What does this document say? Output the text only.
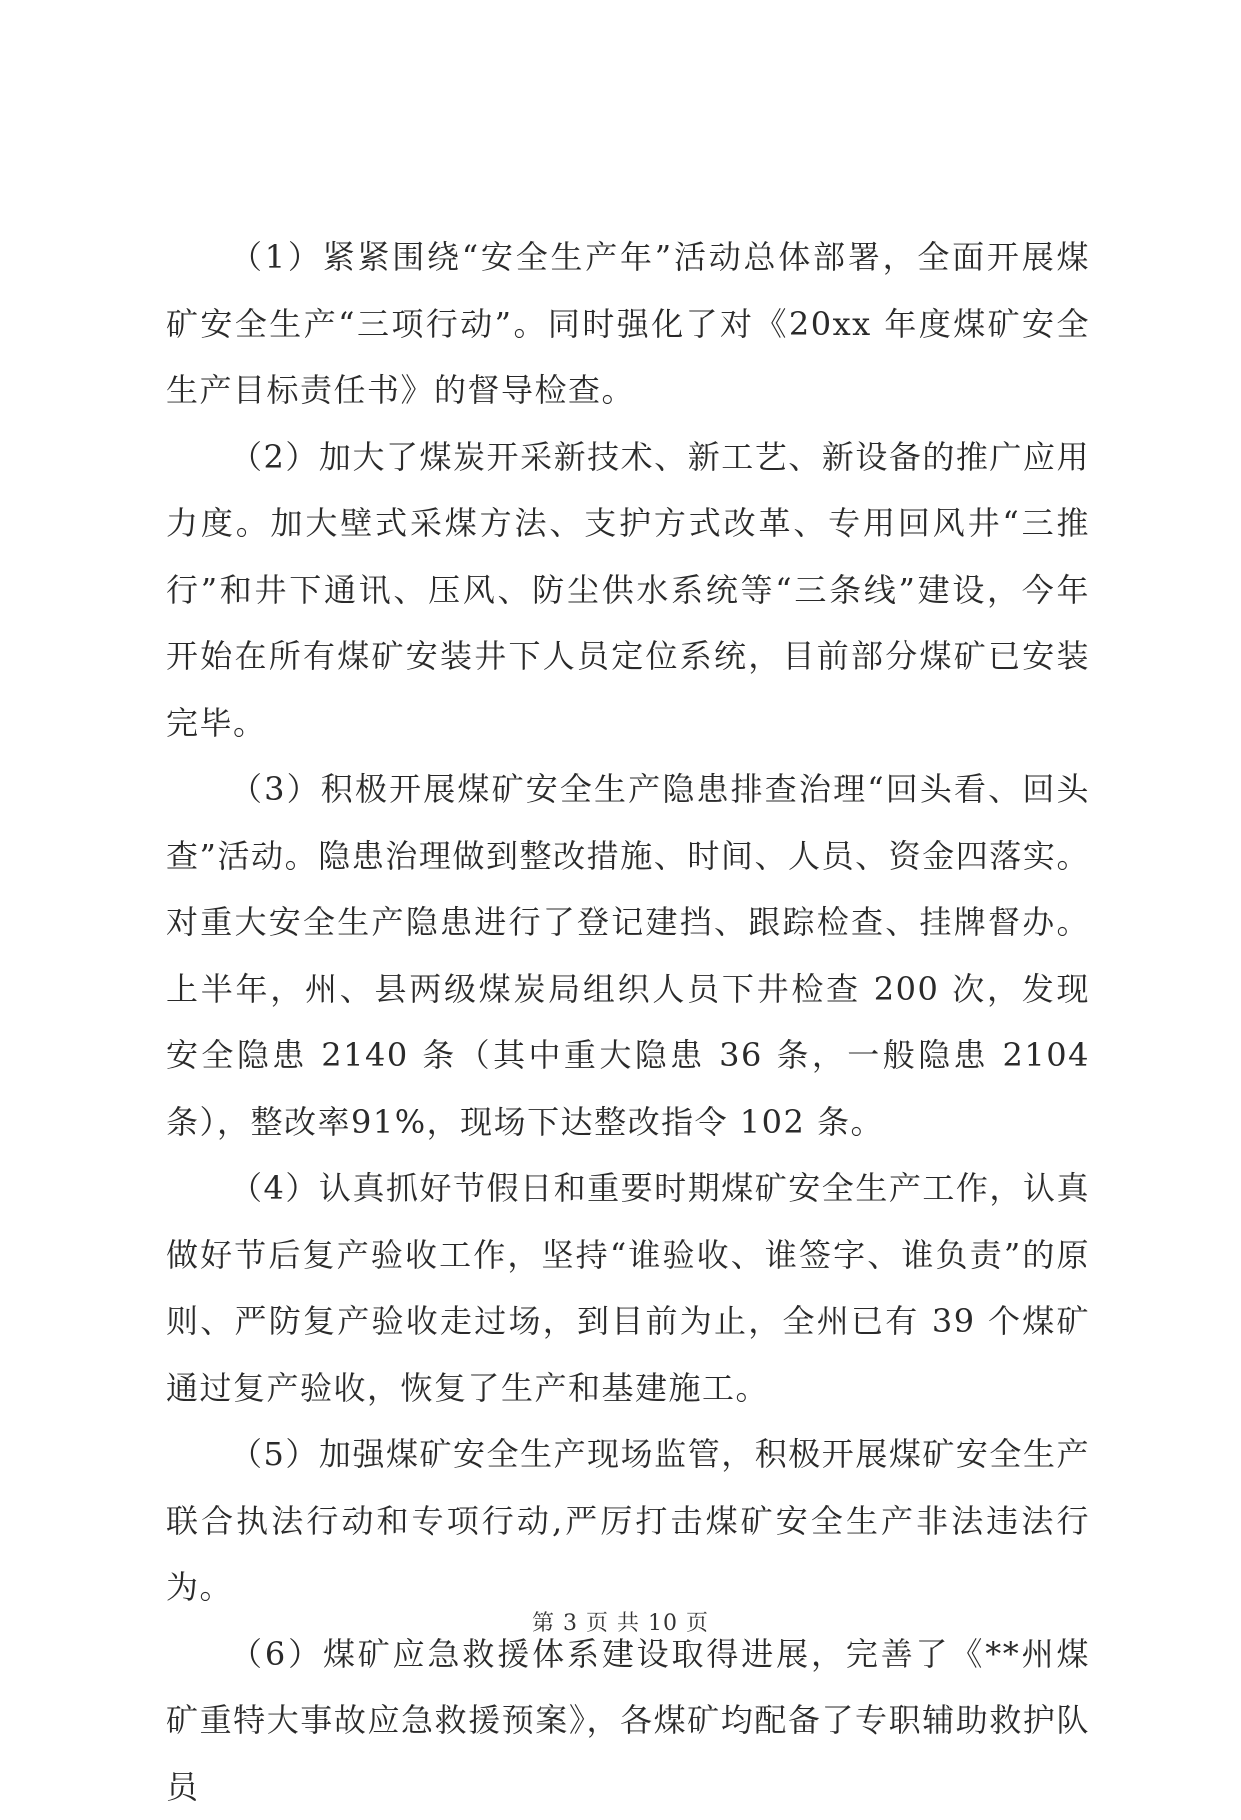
（1）紧紧围绕“安全生产年”活动总体部署，全面开展煤矿安全生产“三项行动”。同时强化了对《20xx 年度煤矿安全生产目标责任书》的督导检查。

（2）加大了煤炭开采新技术、新工艺、新设备的推广应用力度。加大壁式采煤方法、支护方式改革、专用回风井“三推行”和井下通讯、压风、防尘供水系统等“三条线”建设，今年开始在所有煤矿安装井下人员定位系统，目前部分煤矿已安装完毕。

（3）积极开展煤矿安全生产隐患排查治理“回头看、回头查”活动。隐患治理做到整改措施、时间、人员、资金四落实。对重大安全生产隐患进行了登记建挡、跟踪检查、挂牌督办。上半年，州、县两级煤炭局组织人员下井检查 200 次，发现安全隐患 2140 条（其中重大隐患 36 条，一般隐患 2104 条），整改率91%，现场下达整改指令 102 条。

（4）认真抓好节假日和重要时期煤矿安全生产工作，认真做好节后复产验收工作，坚持“谁验收、谁签字、谁负责”的原则、严防复产验收走过场，到目前为止，全州已有 39 个煤矿通过复产验收，恢复了生产和基建施工。

（5）加强煤矿安全生产现场监管，积极开展煤矿安全生产联合执法行动和专项行动,严厉打击煤矿安全生产非法违法行为。

（6）煤矿应急救援体系建设取得进展，完善了《**州煤矿重特大事故应急救援预案》，各煤矿均配备了专职辅助救护队员

第 3 页 共 10 页
